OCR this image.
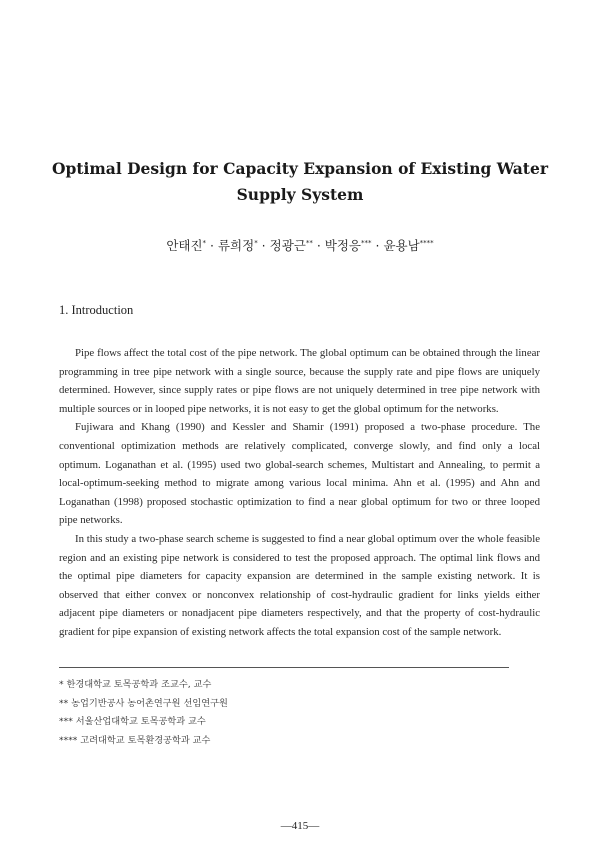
Optimal Design for Capacity Expansion of Existing Water Supply System
안태진* · 류희정* · 정광근** · 박정응*** · 윤용남****
1. Introduction

Pipe flows affect the total cost of the pipe network. The global optimum can be obtained through the linear programming in tree pipe network with a single source, because the supply rate and pipe flows are uniquely determined. However, since supply rates or pipe flows are not uniquely determined in tree pipe network with multiple sources or in looped pipe networks, it is not easy to get the global optimum for the networks.

Fujiwara and Khang (1990) and Kessler and Shamir (1991) proposed a two-phase procedure. The conventional optimization methods are relatively complicated, converge slowly, and find only a local optimum. Loganathan et al. (1995) used two global-search schemes, Multistart and Annealing, to permit a local-optimum-seeking method to migrate among various local minima. Ahn et al. (1995) and Ahn and Loganathan (1998) proposed stochastic optimization to find a near global optimum for two or three looped pipe networks.

In this study a two-phase search scheme is suggested to find a near global optimum over the whole feasible region and an existing pipe network is considered to test the proposed approach. The optimal link flows and the optimal pipe diameters for capacity expansion are determined in the sample existing network. It is observed that either convex or nonconvex relationship of cost-hydraulic gradient for links yields either adjacent pipe diameters or nonadjacent pipe diameters respectively, and that the property of cost-hydraulic gradient for pipe expansion of existing network affects the total expansion cost of the sample network.

* 한경대학교 토목공학과 조교수, 교수
** 농업기반공사 농어촌연구원 선임연구원
*** 서울산업대학교 토목공학과 교수
**** 고려대학교 토목환경공학과 교수
—415—
